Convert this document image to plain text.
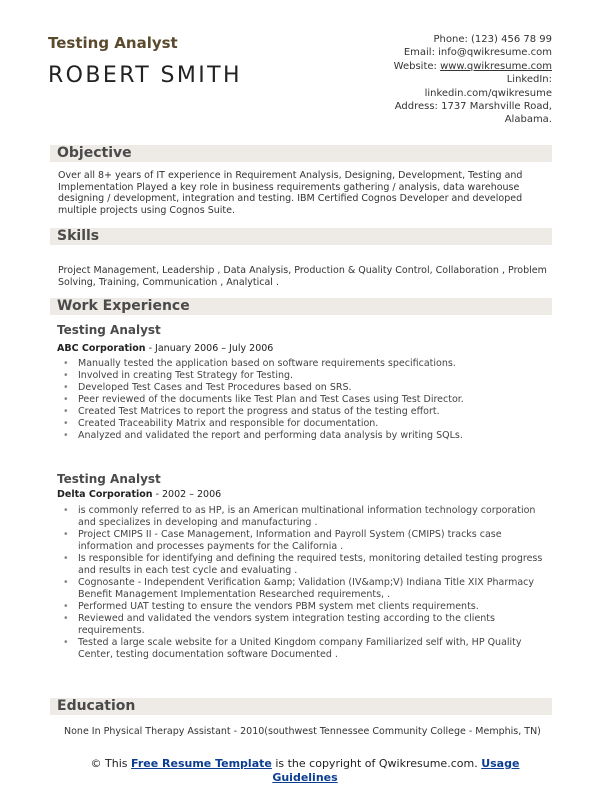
Testing Analyst
ROBERT SMITH
Phone: (123) 456 78 99
Email: info@qwikresume.com
Website: www.qwikresume.com
LinkedIn:
linkedin.com/qwikresume
Address: 1737 Marshville Road,
Alabama.
Objective
Over all 8+ years of IT experience in Requirement Analysis, Designing, Development, Testing and Implementation Played a key role in business requirements gathering / analysis, data warehouse designing / development, integration and testing. IBM Certified Cognos Developer and developed multiple projects using Cognos Suite.
Skills
Project Management, Leadership , Data Analysis, Production & Quality Control, Collaboration , Problem Solving, Training, Communication , Analytical .
Work Experience
Testing Analyst
ABC Corporation - January 2006 – July 2006
• Manually tested the application based on software requirements specifications.
• Involved in creating Test Strategy for Testing.
• Developed Test Cases and Test Procedures based on SRS.
• Peer reviewed of the documents like Test Plan and Test Cases using Test Director.
• Created Test Matrices to report the progress and status of the testing effort.
• Created Traceability Matrix and responsible for documentation.
• Analyzed and validated the report and performing data analysis by writing SQLs.
Testing Analyst
Delta Corporation - 2002 – 2006
• is commonly referred to as HP, is an American multinational information technology corporation and specializes in developing and manufacturing .
• Project CMIPS II - Case Management, Information and Payroll System (CMIPS) tracks case information and processes payments for the California .
• Is responsible for identifying and defining the required tests, monitoring detailed testing progress and results in each test cycle and evaluating .
• Cognosante - Independent Verification &amp; Validation (IV&amp;V) Indiana Title XIX Pharmacy Benefit Management Implementation Researched requirements, .
• Performed UAT testing to ensure the vendors PBM system met clients requirements.
• Reviewed and validated the vendors system integration testing according to the clients requirements.
• Tested a large scale website for a United Kingdom company Familiarized self with, HP Quality Center, testing documentation software Documented .
Education
None In Physical Therapy Assistant - 2010(southwest Tennessee Community College - Memphis, TN)
© This Free Resume Template is the copyright of Qwikresume.com. Usage Guidelines
